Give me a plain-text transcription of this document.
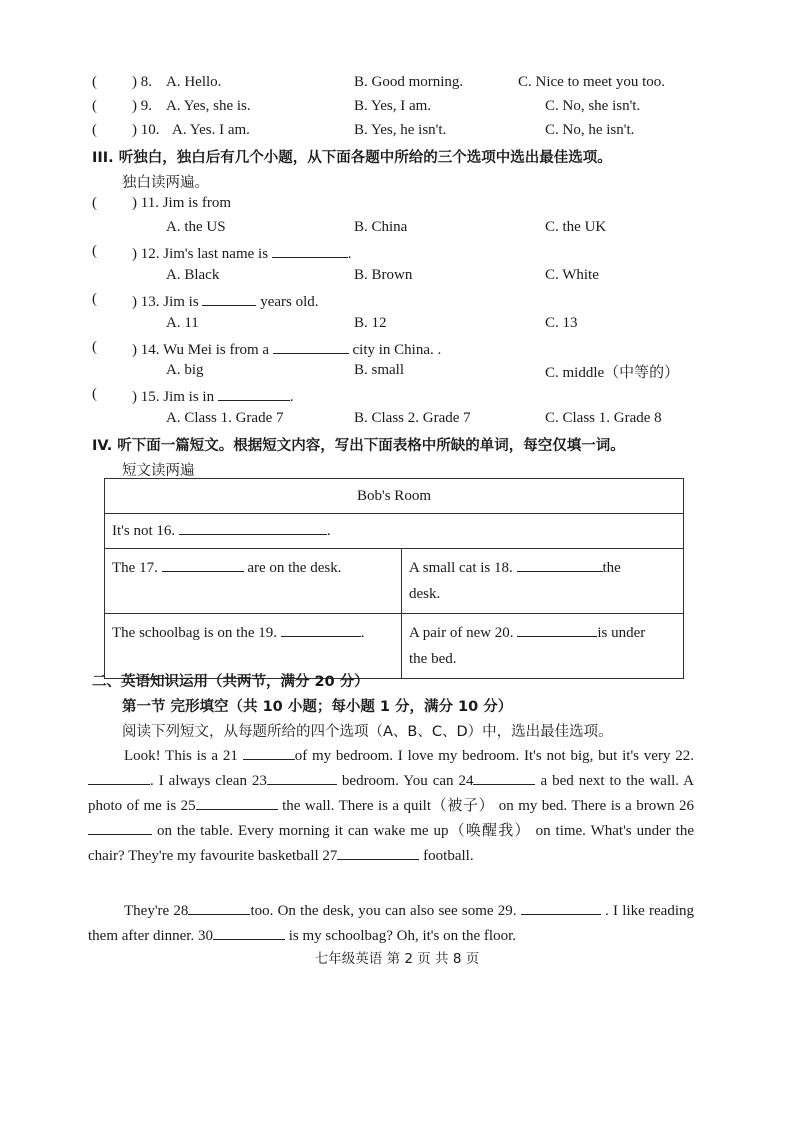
( ) 8. A. Hello.	B. Good morning.	C. Nice to meet you too.
( ) 9. A. Yes, she is.	B. Yes, I am.	C. No, she isn't.
( ) 10. A. Yes. I am.	B. Yes, he isn't.	C. No, he isn't.
III. 听独白，独白后有几个小题，从下面各题中所给的三个选项中选出最佳选项。
独白读两遍。
( ) 11. Jim is from
A. the US	B. China	C. the UK
( ) 12. Jim's last name is	.
A. Black	B. Brown	C. White
( ) 13. Jim is	years old.
A. 11	B. 12	C. 13
( ) 14. Wu Mei is from a	city in China. .
A. big	B. small	C. middle（中等的）
( ) 15. Jim is in	.
A. Class 1. Grade 7	B. Class 2. Grade 7	C. Class 1. Grade 8
IV. 听下面一篇短文。根据短文内容，写出下面表格中所缺的单词，每空仅填一词。
短文读两遍
Bob's Room	
It's not 16. .	
The 17. are on the desk.	A small cat is 18. the
desk.
The schoolbag is on the 19. .	A pair of new 20. is under
the bed.
二、英语知识运用（共两节，满分 20 分）
第一节 完形填空（共 10 小题；每小题 1 分，满分 10 分）
阅读下列短文，从每题所给的四个选项（A、B、C、D）中，选出最佳选项。
Look! This is a 21	of my bedroom. I love my bedroom. It's not big, but it's very 22. . I always clean 23	bedroom. You can 24	a bed next to the wall. A photo of me is 25	the wall. There is a quilt（被子） on my bed. There is a brown 26 on the table. Every morning it can wake me up（唤醒我） on time. What's under the chair? They're my favourite basketball 27	football.
They're 28	too. On the desk, you can also see some 29.	. I like reading them after dinner. 30	is my schoolbag? Oh, it's on the floor.
七年级英语 第 2 页 共 8 页
